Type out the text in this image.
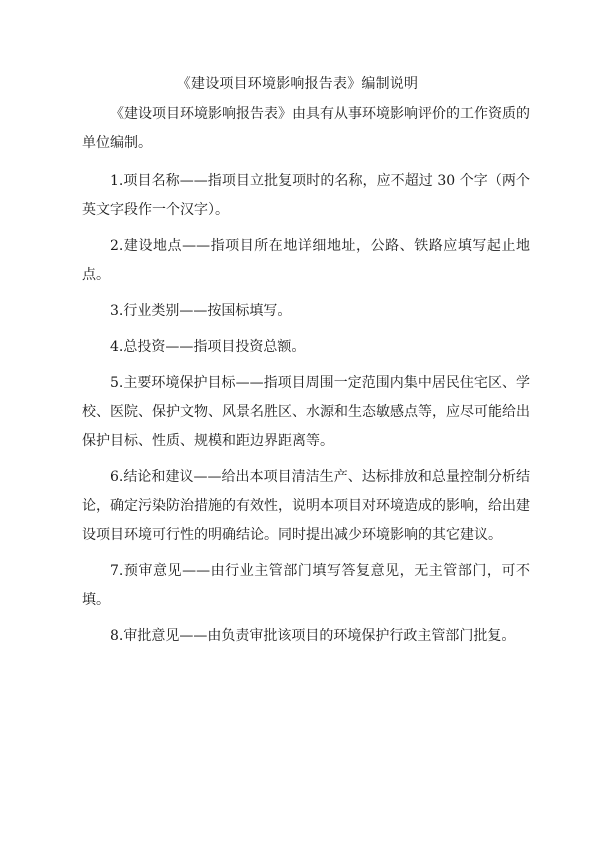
《建设项目环境影响报告表》编制说明

《建设项目环境影响报告表》由具有从事环境影响评价的工作资质的单位编制。

1.项目名称——指项目立批复项时的名称，应不超过 30 个字（两个英文字段作一个汉字）。

2.建设地点——指项目所在地详细地址，公路、铁路应填写起止地点。

3.行业类别——按国标填写。

4.总投资——指项目投资总额。

5.主要环境保护目标——指项目周围一定范围内集中居民住宅区、学校、医院、保护文物、风景名胜区、水源和生态敏感点等，应尽可能给出保护目标、性质、规模和距边界距离等。

6.结论和建议——给出本项目清洁生产、达标排放和总量控制分析结论，确定污染防治措施的有效性，说明本项目对环境造成的影响，给出建设项目环境可行性的明确结论。同时提出减少环境影响的其它建议。

7.预审意见——由行业主管部门填写答复意见，无主管部门，可不填。

8.审批意见——由负责审批该项目的环境保护行政主管部门批复。
